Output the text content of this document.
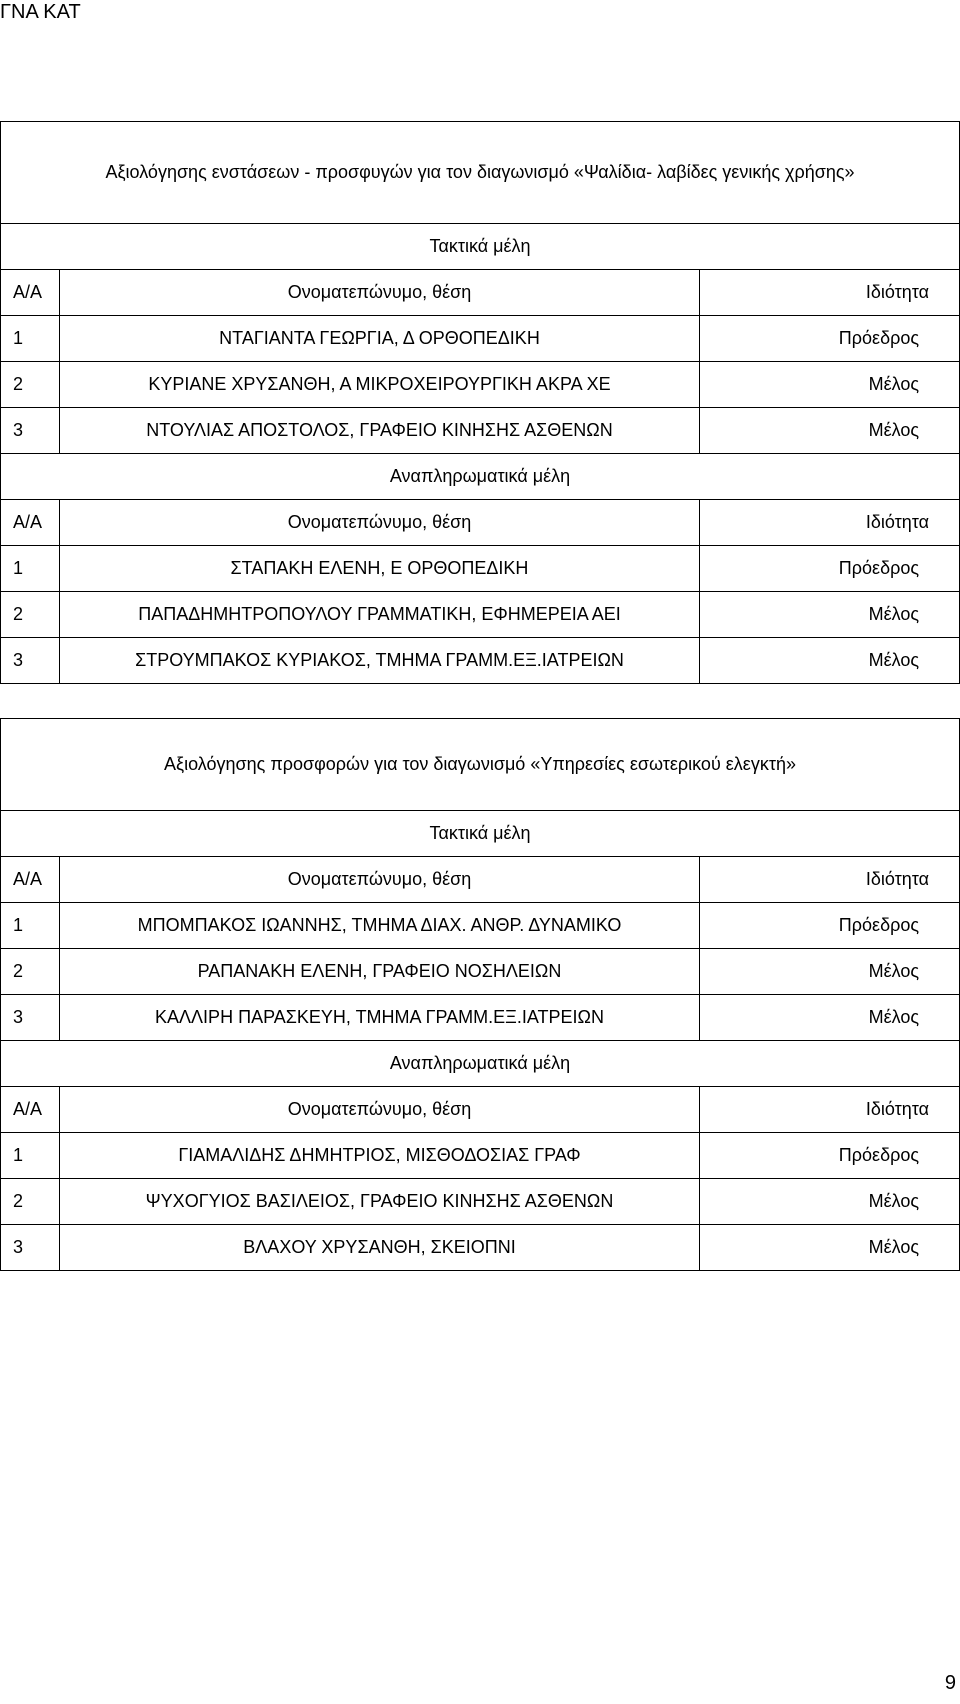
ΓΝΑ ΚΑΤ
Αξιολόγησης ενστάσεων - προσφυγών για τον διαγωνισμό «Ψαλίδια- λαβίδες γενικής χρήσης»		
Τακτικά μέλη		
Α/Α	Ονοματεπώνυμο, θέση	Ιδιότητα
1	ΝΤΑΓΙΑΝΤΑ ΓΕΩΡΓΙΑ, Δ ΟΡΘΟΠΕΔΙΚΗ	Πρόεδρος
2	ΚΥΡΙΑΝΕ ΧΡΥΣΑΝΘΗ, Α ΜΙΚΡΟΧΕΙΡΟΥΡΓΙΚΗ ΑΚΡΑ ΧΕ	Μέλος
3	ΝΤΟΥΛΙΑΣ ΑΠΟΣΤΟΛΟΣ, ΓΡΑΦΕΙΟ ΚΙΝΗΣΗΣ ΑΣΘΕΝΩΝ	Μέλος
Αναπληρωματικά μέλη		
Α/Α	Ονοματεπώνυμο, θέση	Ιδιότητα
1	ΣΤΑΠΑΚΗ ΕΛΕΝΗ, Ε ΟΡΘΟΠΕΔΙΚΗ	Πρόεδρος
2	ΠΑΠΑΔΗΜΗΤΡΟΠΟΥΛΟΥ ΓΡΑΜΜΑΤΙΚΗ, ΕΦΗΜΕΡΕΙΑ ΑΕΙ	Μέλος
3	ΣΤΡΟΥΜΠΑΚΟΣ ΚΥΡΙΑΚΟΣ, ΤΜΗΜΑ ΓΡΑΜΜ.ΕΞ.ΙΑΤΡΕΙΩΝ	Μέλος
Αξιολόγησης προσφορών για τον διαγωνισμό «Υπηρεσίες εσωτερικού ελεγκτή»		
Τακτικά μέλη		
Α/Α	Ονοματεπώνυμο, θέση	Ιδιότητα
1	ΜΠΟΜΠΑΚΟΣ ΙΩΑΝΝΗΣ, ΤΜΗΜΑ ΔΙΑΧ. ΑΝΘΡ. ΔΥΝΑΜΙΚΟ	Πρόεδρος
2	ΡΑΠΑΝΑΚΗ ΕΛΕΝΗ, ΓΡΑΦΕΙΟ ΝΟΣΗΛΕΙΩΝ	Μέλος
3	ΚΑΛΛΙΡΗ ΠΑΡΑΣΚΕΥΗ, ΤΜΗΜΑ ΓΡΑΜΜ.ΕΞ.ΙΑΤΡΕΙΩΝ	Μέλος
Αναπληρωματικά μέλη		
Α/Α	Ονοματεπώνυμο, θέση	Ιδιότητα
1	ΓΙΑΜΑΛΙΔΗΣ ΔΗΜΗΤΡΙΟΣ, ΜΙΣΘΟΔΟΣΙΑΣ ΓΡΑΦ	Πρόεδρος
2	ΨΥΧΟΓΥΙΟΣ ΒΑΣΙΛΕΙΟΣ, ΓΡΑΦΕΙΟ ΚΙΝΗΣΗΣ ΑΣΘΕΝΩΝ	Μέλος
3	ΒΛΑΧΟΥ ΧΡΥΣΑΝΘΗ, ΣΚΕΙΟΠΝΙ	Μέλος
9
